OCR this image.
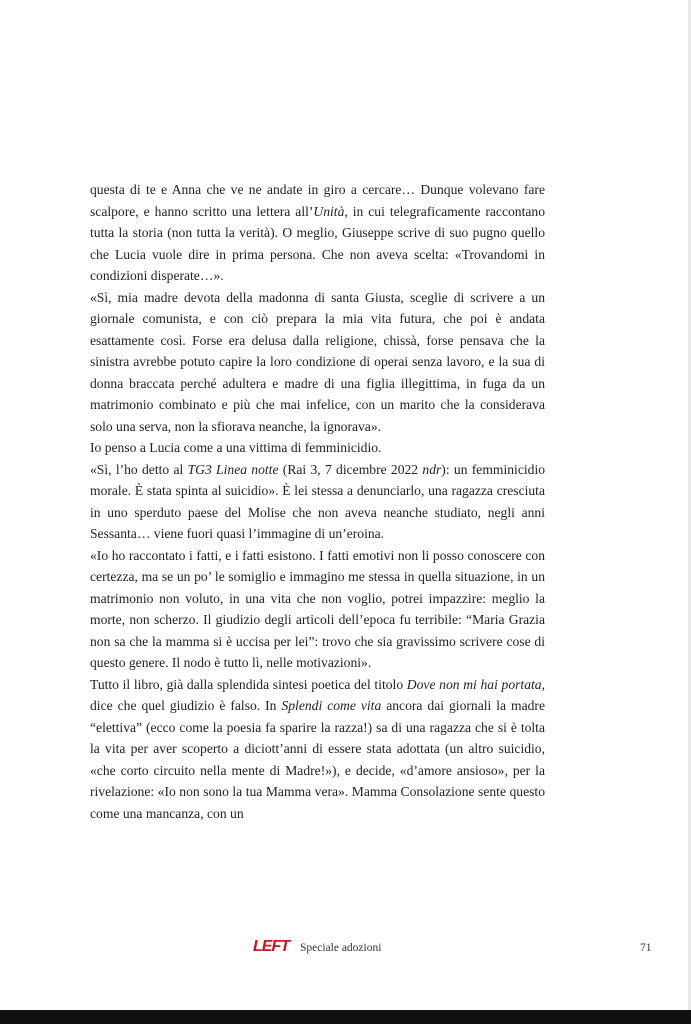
questa di te e Anna che ve ne andate in giro a cercare… Dunque volevano fare scalpore, e hanno scritto una lettera all’Unità, in cui telegraficamente raccontano tutta la storia (non tutta la verità). O meglio, Giuseppe scrive di suo pugno quello che Lucia vuole dire in prima persona. Che non aveva scelta: «Trovandomi in condizioni disperate…».

«Sì, mia madre devota della madonna di santa Giusta, sceglie di scrivere a un giornale comunista, e con ciò prepara la mia vita futura, che poi è andata esattamente così. Forse era delusa dalla religione, chissà, forse pensava che la sinistra avrebbe potuto capire la loro condizione di operai senza lavoro, e la sua di donna braccata perché adultera e madre di una figlia illegittima, in fuga da un matrimonio combinato e più che mai infelice, con un marito che la considerava solo una serva, non la sfiorava neanche, la ignorava».

Io penso a Lucia come a una vittima di femminicidio.

«Sì, l’ho detto al TG3 Linea notte (Rai 3, 7 dicembre 2022 ndr): un femminicidio morale. È stata spinta al suicidio». È lei stessa a denunciarlo, una ragazza cresciuta in uno sperduto paese del Molise che non aveva neanche studiato, negli anni Sessanta… viene fuori quasi l’immagine di un’eroina.

«Io ho raccontato i fatti, e i fatti esistono. I fatti emotivi non li posso conoscere con certezza, ma se un po’ le somiglio e immagino me stessa in quella situazione, in un matrimonio non voluto, in una vita che non voglio, potrei impazzire: meglio la morte, non scherzo. Il giudizio degli articoli dell’epoca fu terribile: “Maria Grazia non sa che la mamma si è uccisa per lei”: trovo che sia gravissimo scrivere cose di questo genere. Il nodo è tutto lì, nelle motivazioni».

Tutto il libro, già dalla splendida sintesi poetica del titolo Dove non mi hai portata, dice che quel giudizio è falso. In Splendi come vita ancora dai giornali la madre “elettiva” (ecco come la poesia fa sparire la razza!) sa di una ragazza che si è tolta la vita per aver scoperto a diciott’anni di essere stata adottata (un altro suicidio, «che corto circuito nella mente di Madre!»), e decide, «d’amore ansioso», per la rivelazione: «Io non sono la tua Mamma vera». Mamma Consolazione sente questo come una mancanza, con un

LEFT Speciale adozioni	71
